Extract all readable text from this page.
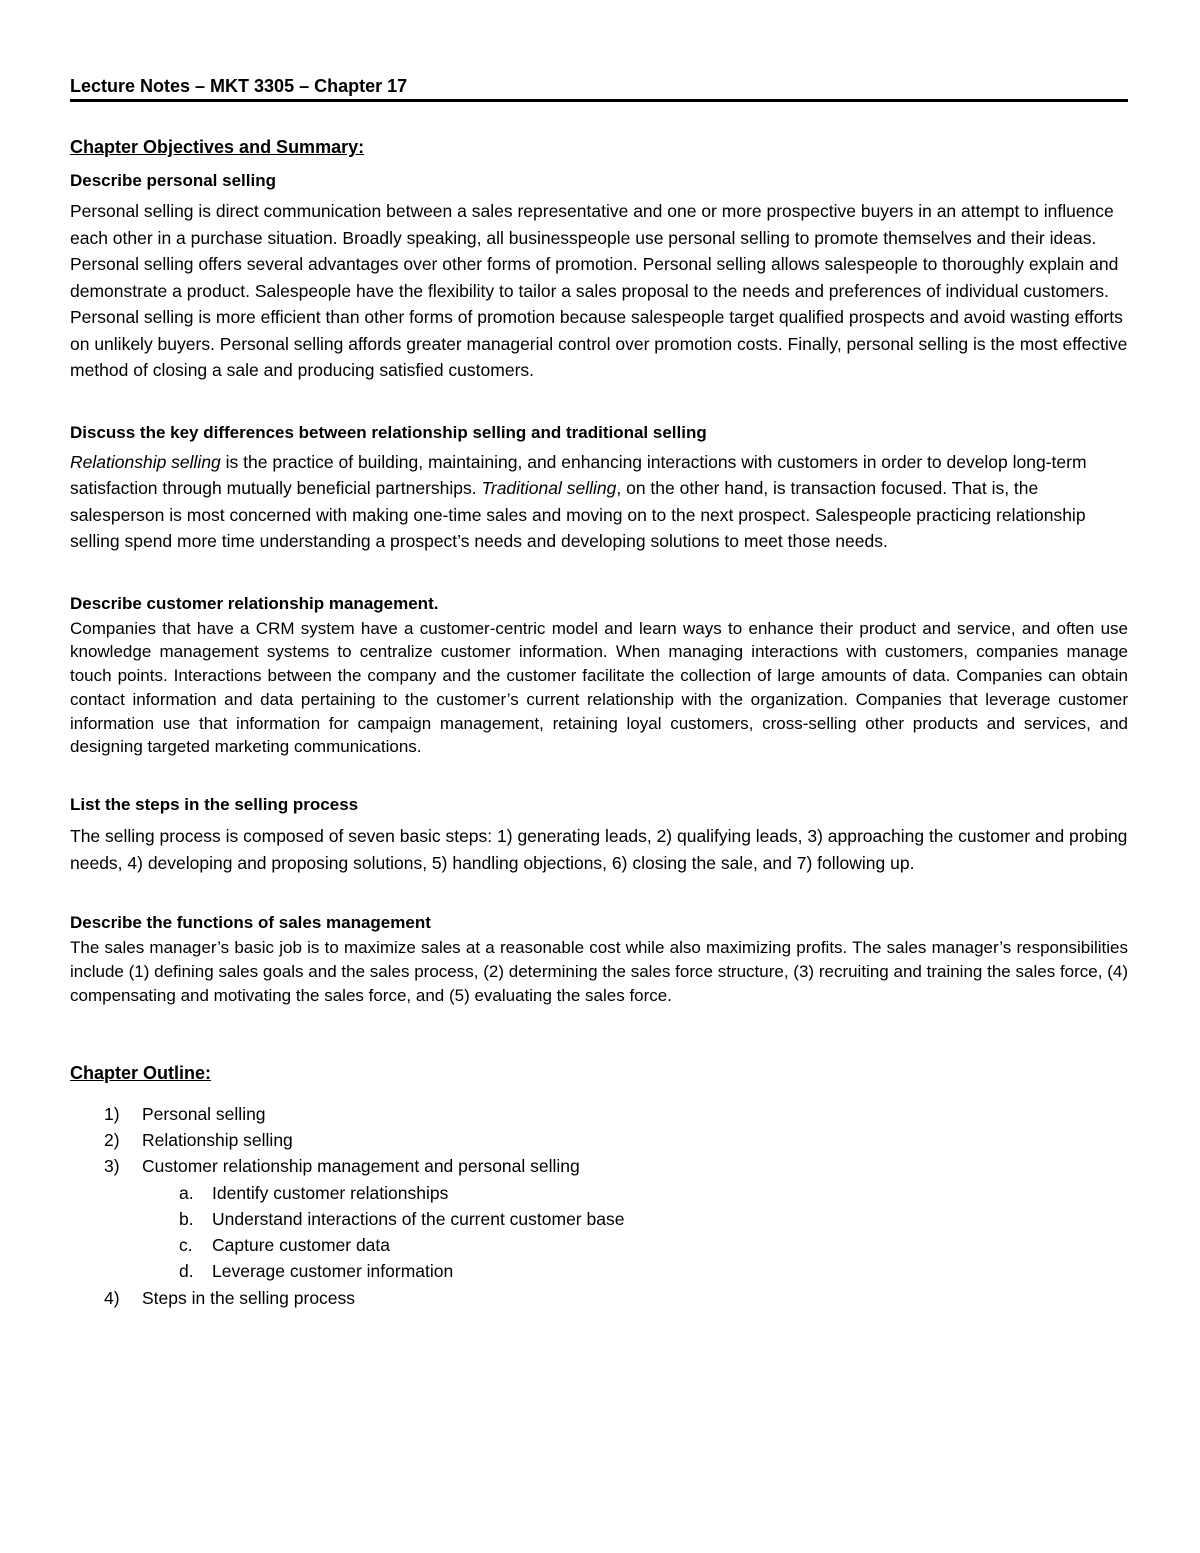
Lecture Notes – MKT 3305 – Chapter 17
Chapter Objectives and Summary:
Describe personal selling

Personal selling is direct communication between a sales representative and one or more prospective buyers in an attempt to influence each other in a purchase situation. Broadly speaking, all businesspeople use personal selling to promote themselves and their ideas. Personal selling offers several advantages over other forms of promotion. Personal selling allows salespeople to thoroughly explain and demonstrate a product. Salespeople have the flexibility to tailor a sales proposal to the needs and preferences of individual customers. Personal selling is more efficient than other forms of promotion because salespeople target qualified prospects and avoid wasting efforts on unlikely buyers. Personal selling affords greater managerial control over promotion costs. Finally, personal selling is the most effective method of closing a sale and producing satisfied customers.

Discuss the key differences between relationship selling and traditional selling

Relationship selling is the practice of building, maintaining, and enhancing interactions with customers in order to develop long-term satisfaction through mutually beneficial partnerships. Traditional selling, on the other hand, is transaction focused. That is, the salesperson is most concerned with making one-time sales and moving on to the next prospect. Salespeople practicing relationship selling spend more time understanding a prospect’s needs and developing solutions to meet those needs.

Describe customer relationship management.

Companies that have a CRM system have a customer-centric model and learn ways to enhance their product and service, and often use knowledge management systems to centralize customer information. When managing interactions with customers, companies manage touch points. Interactions between the company and the customer facilitate the collection of large amounts of data. Companies can obtain contact information and data pertaining to the customer’s current relationship with the organization. Companies that leverage customer information use that information for campaign management, retaining loyal customers, cross-selling other products and services, and designing targeted marketing communications.

List the steps in the selling process

The selling process is composed of seven basic steps: 1) generating leads, 2) qualifying leads, 3) approaching the customer and probing needs, 4) developing and proposing solutions, 5) handling objections, 6) closing the sale, and 7) following up.

Describe the functions of sales management

The sales manager’s basic job is to maximize sales at a reasonable cost while also maximizing profits. The sales manager’s responsibilities include (1) defining sales goals and the sales process, (2) determining the sales force structure, (3) recruiting and training the sales force, (4) compensating and motivating the sales force, and (5) evaluating the sales force.

Chapter Outline:
1) Personal selling
2) Relationship selling
3) Customer relationship management and personal selling
a. Identify customer relationships
b. Understand interactions of the current customer base
c. Capture customer data
d. Leverage customer information
4) Steps in the selling process
